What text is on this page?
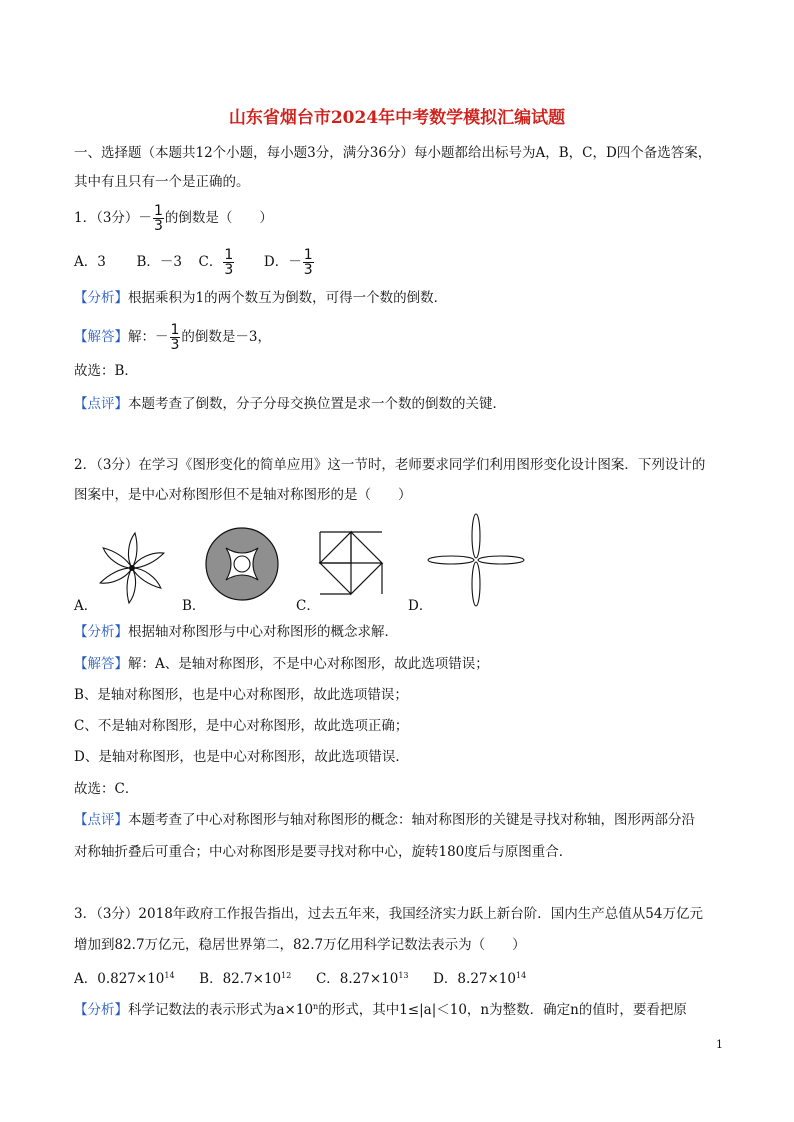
山东省烟台市2024年中考数学模拟汇编试题
一、选择题（本题共12个小题，每小题3分，满分36分）每小题都给出标号为A，B，C，D四个备选答案，
其中有且只有一个是正确的。
1．（3分）－ $\frac{1}{3}$ 的倒数是（　　）
A．3 B．－3 C． $\frac{1}{3}$ D．－ $\frac{1}{3}$
【分析】根据乘积为1的两个数互为倒数，可得一个数的倒数．
【解答】解：－ $\frac{1}{3}$ 的倒数是－3，
故选：B．
【点评】本题考查了倒数，分子分母交换位置是求一个数的倒数的关键．
2．（3分）在学习《图形变化的简单应用》这一节时，老师要求同学们利用图形变化设计图案．下列设计的
图案中，是中心对称图形但不是轴对称图形的是（　　）
A．	B．	C．	D．
【分析】根据轴对称图形与中心对称图形的概念求解．
【解答】解：A、是轴对称图形，不是中心对称图形，故此选项错误；
B、是轴对称图形，也是中心对称图形，故此选项错误；
C、不是轴对称图形，是中心对称图形，故此选项正确；
D、是轴对称图形，也是中心对称图形，故此选项错误．
故选：C．
【点评】本题考查了中心对称图形与轴对称图形的概念：轴对称图形的关键是寻找对称轴，图形两部分沿
对称轴折叠后可重合；中心对称图形是要寻找对称中心，旋转180度后与原图重合．
3．（3分）2018年政府工作报告指出，过去五年来，我国经济实力跃上新台阶．国内生产总值从54万亿元
增加到82.7万亿元，稳居世界第二，82.7万亿用科学记数法表示为（　　）
A．$0.827\times 10^{14}$ B．$82.7\times 10^{12}$ C．$8.27\times 10^{13}$ D．$8.27\times 10^{14}$
【分析】科学记数法的表示形式为$a\times 10^n$的形式，其中1≤|a|＜10，n为整数．确定n的值时，要看把原
1
